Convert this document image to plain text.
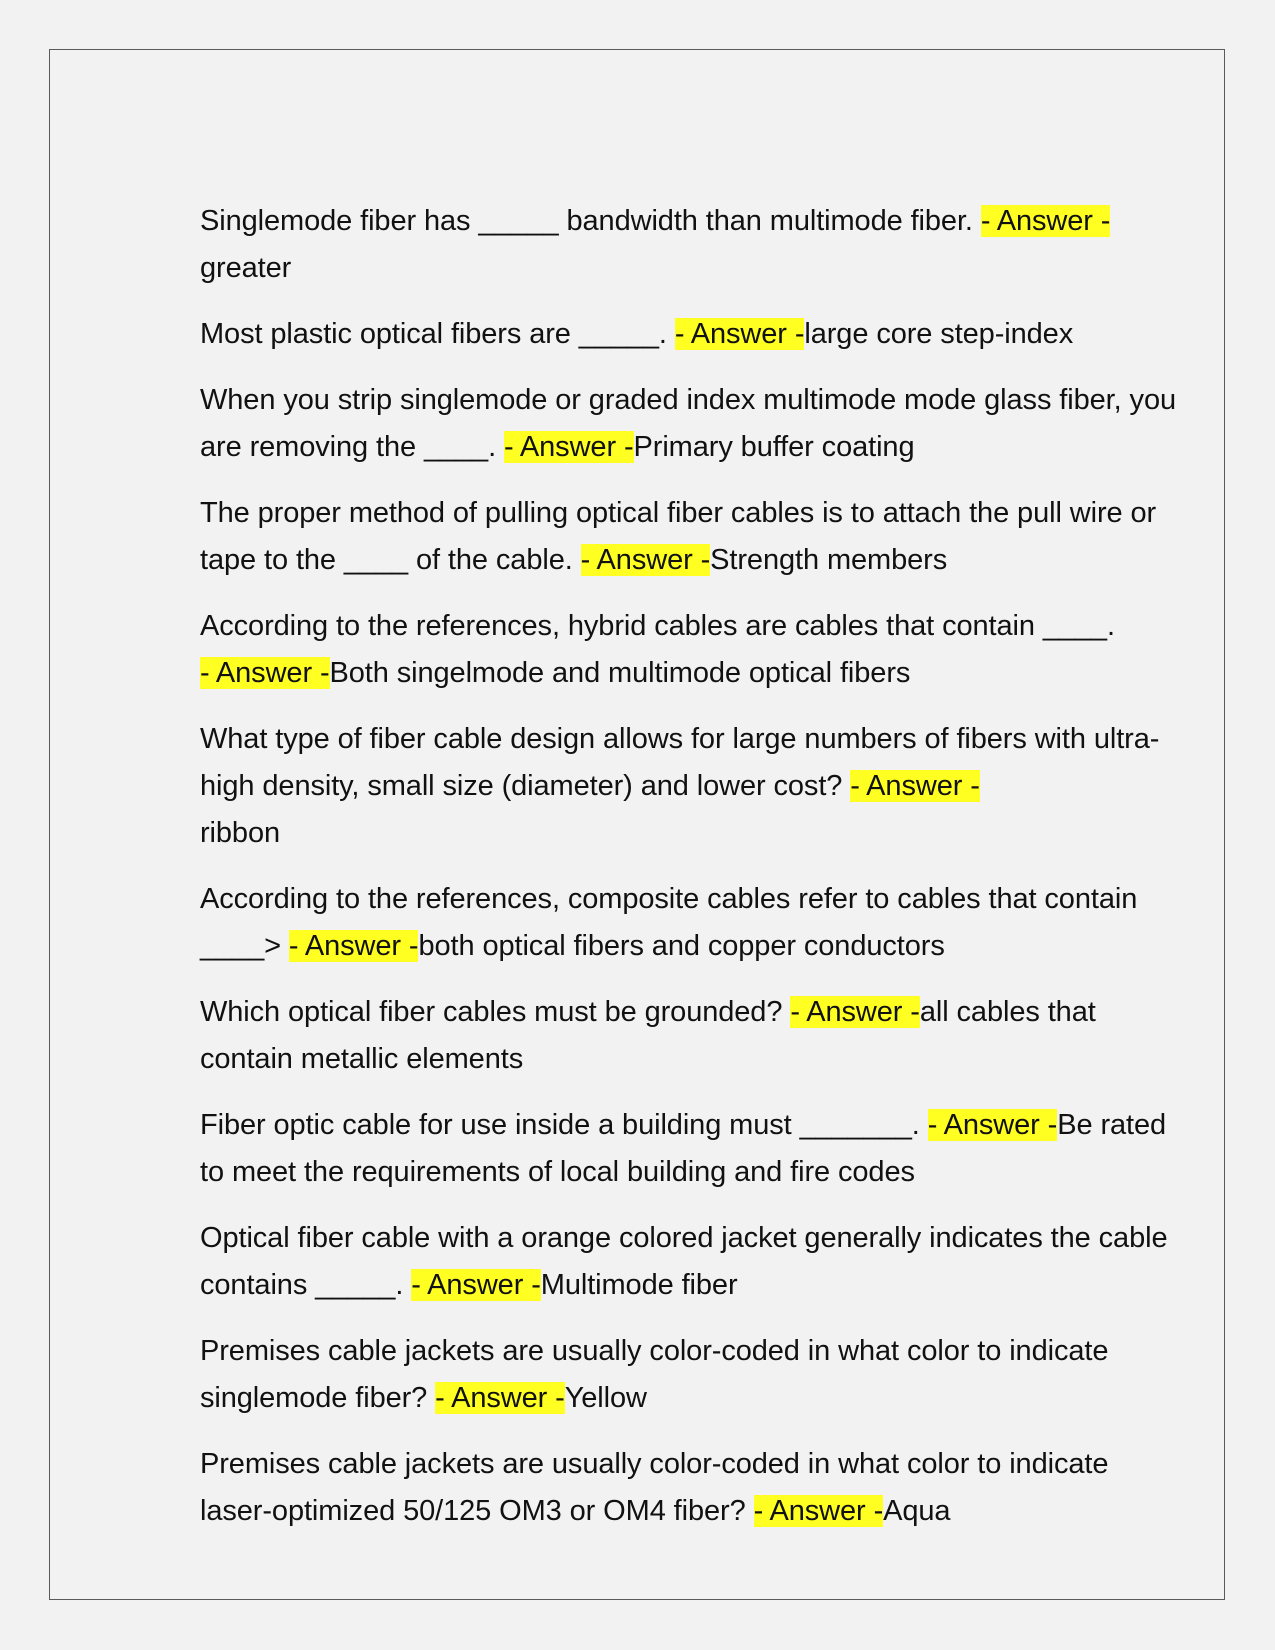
Singlemode fiber has _____ bandwidth than multimode fiber. - Answer -
greater

Most plastic optical fibers are _____. - Answer -large core step-index

When you strip singlemode or graded index multimode mode glass fiber, you are removing the ____. - Answer -Primary buffer coating

The proper method of pulling optical fiber cables is to attach the pull wire or tape to the ____ of the cable. - Answer -Strength members

According to the references, hybrid cables are cables that contain ____.
- Answer -Both singelmode and multimode optical fibers

What type of fiber cable design allows for large numbers of fibers with ultra-high density, small size (diameter) and lower cost? - Answer -
ribbon

According to the references, composite cables refer to cables that contain ____> - Answer -both optical fibers and copper conductors

Which optical fiber cables must be grounded? - Answer -all cables that contain metallic elements

Fiber optic cable for use inside a building must _______. - Answer -Be rated to meet the requirements of local building and fire codes

Optical fiber cable with a orange colored jacket generally indicates the cable contains _____. - Answer -Multimode fiber

Premises cable jackets are usually color-coded in what color to indicate singlemode fiber? - Answer -Yellow

Premises cable jackets are usually color-coded in what color to indicate laser-optimized 50/125 OM3 or OM4 fiber? - Answer -Aqua
